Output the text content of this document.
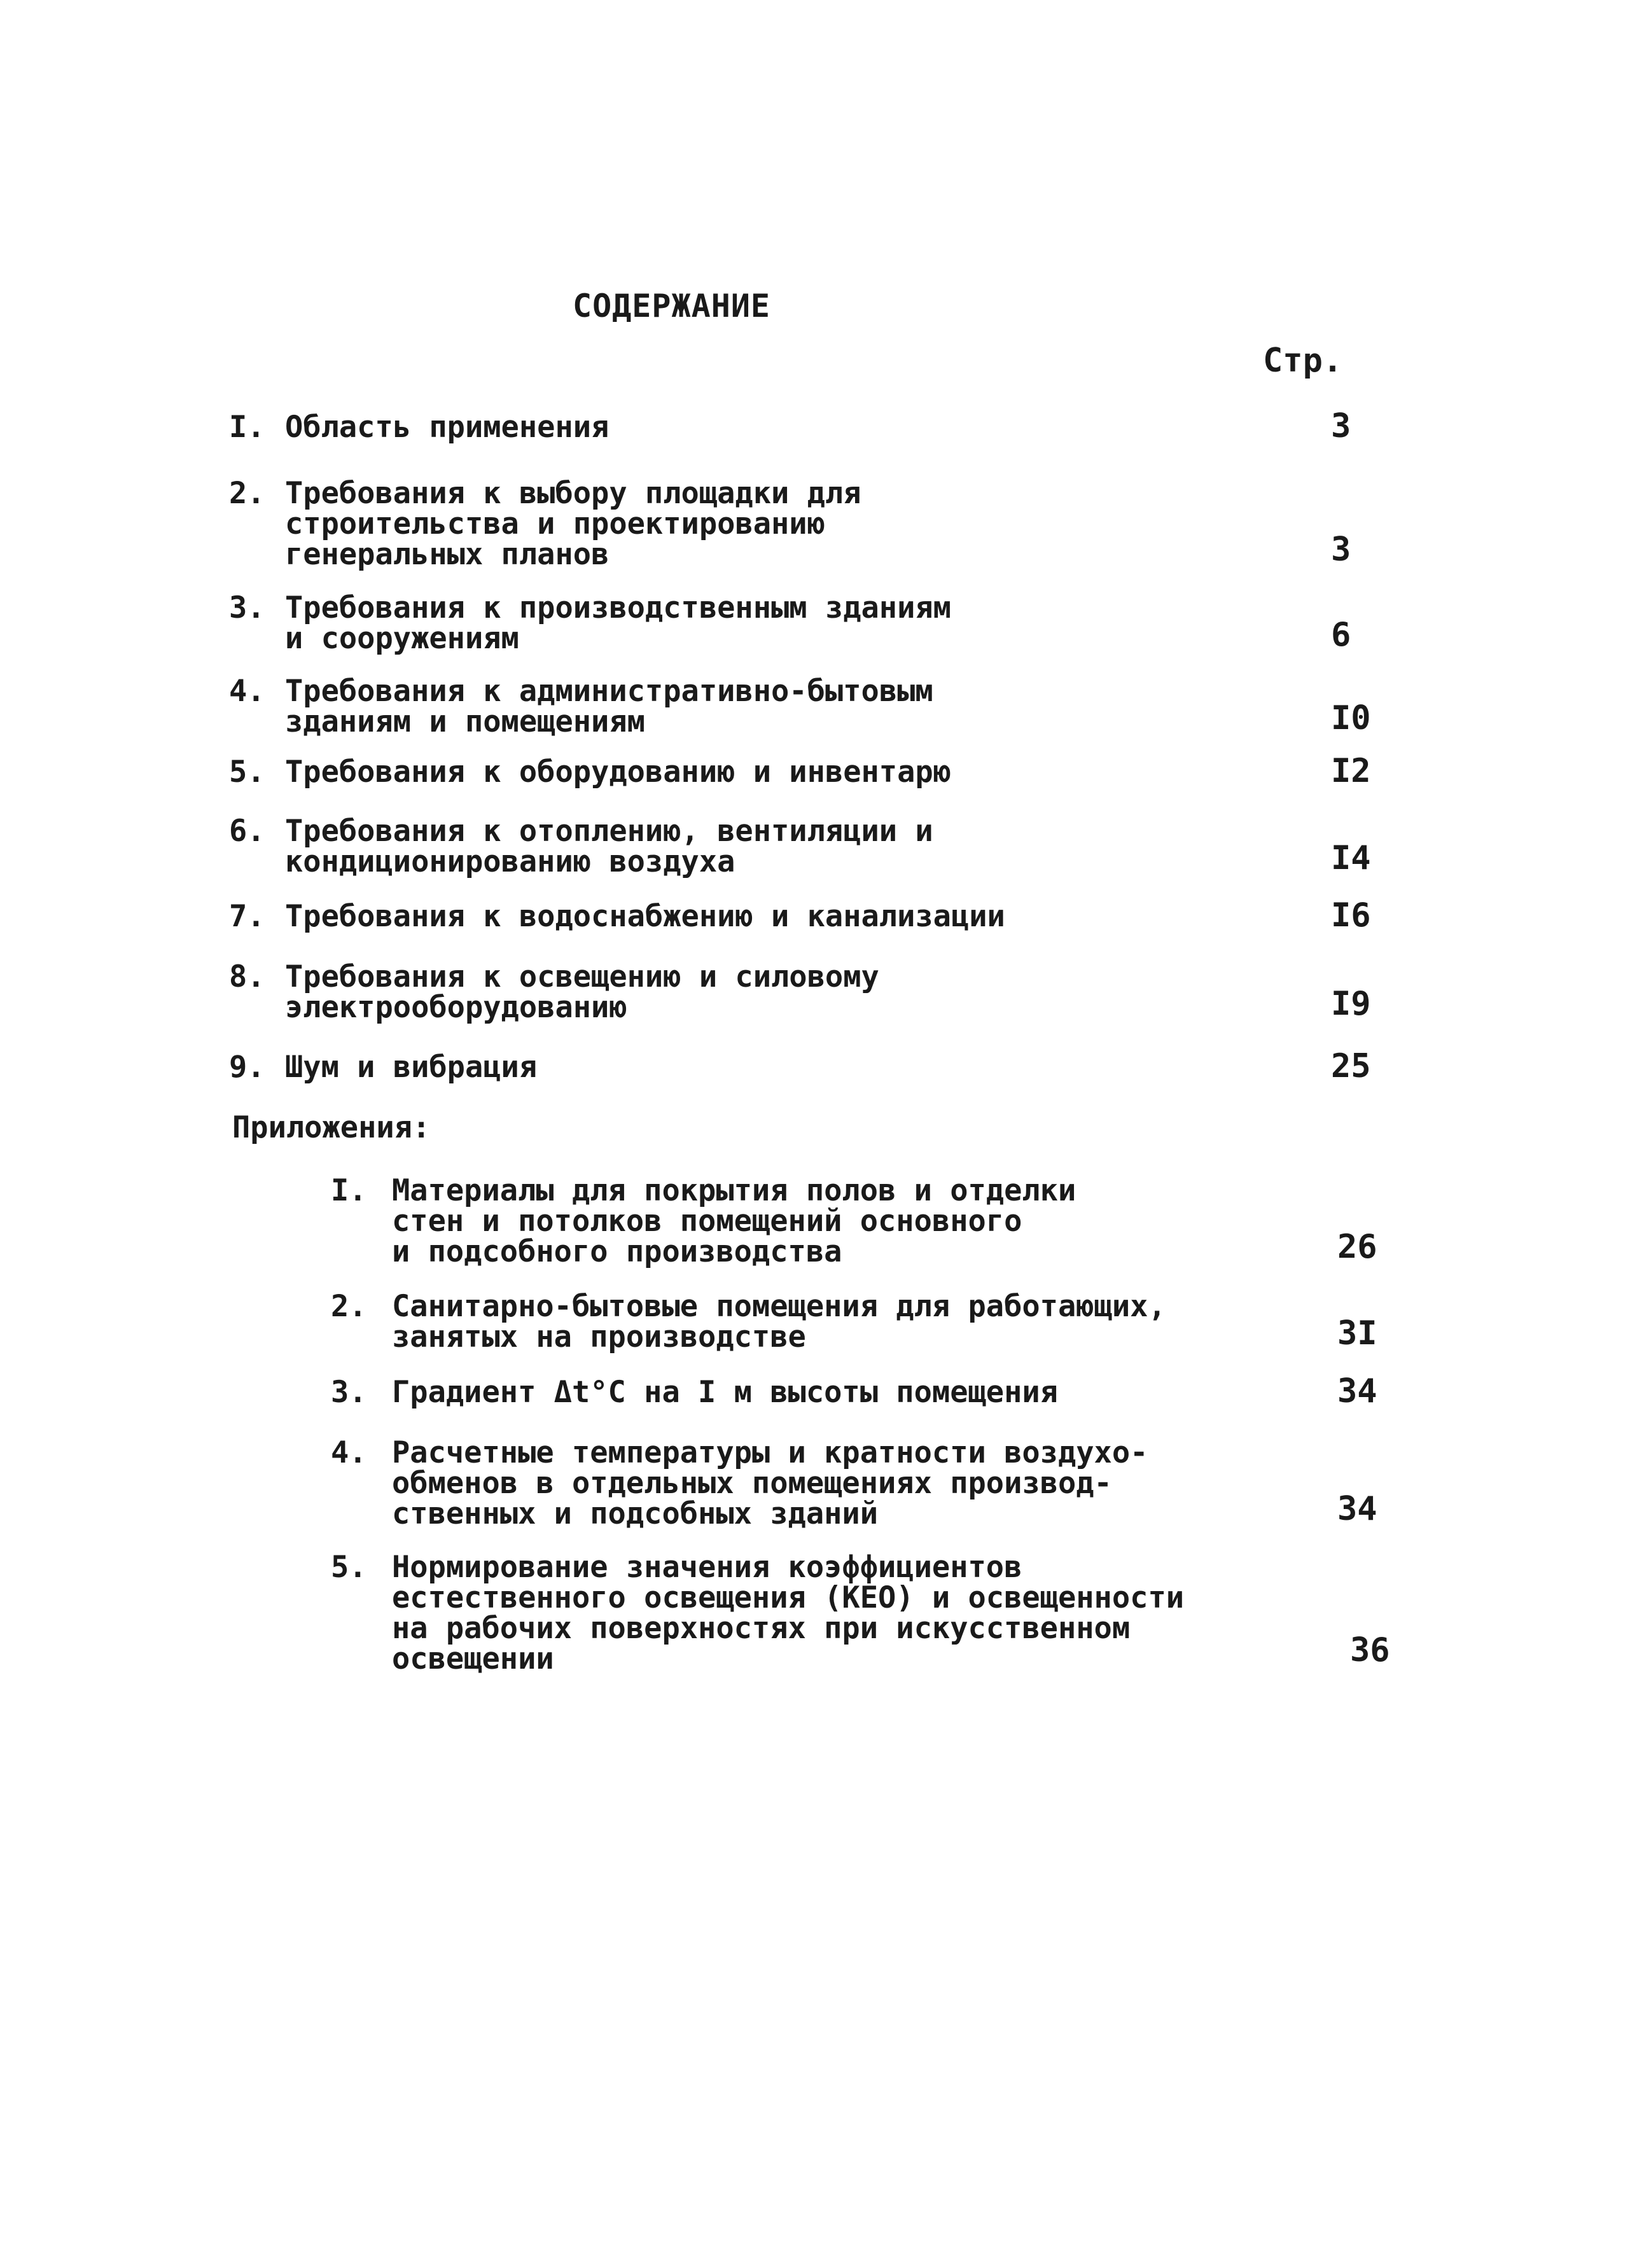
СОДЕРЖАНИЕ
Стр.
I. Область применения	3
2. Требования к выбору площадки для
строительства и проектированию
генеральных планов	3
3. Требования к производственным зданиям
и сооружениям	6
4. Требования к административно-бытовым
зданиям и помещениям	I0
5. Требования к оборудованию и инвентарю	I2
6. Требования к отоплению, вентиляции и
кондиционированию воздуха	I4
7. Требования к водоснабжению и канализации	I6
8. Требования к освещению и силовому
электрооборудованию	I9
9. Шум и вибрация	25
Приложения:
I. Материалы для покрытия полов и отделки
стен и потолков помещений основного
и подсобного производства	26
2. Санитарно-бытовые помещения для работающих,
занятых на производстве	3I
3. Градиент Δt°С на I м высоты помещения	34
4. Расчетные температуры и кратности воздухо-
обменов в отдельных помещениях производ-
ственных и подсобных зданий	34
5. Нормирование значения коэффициентов
естественного освещения (КЕО) и освещенности
на рабочих поверхностях при искусственном
освещении	36
